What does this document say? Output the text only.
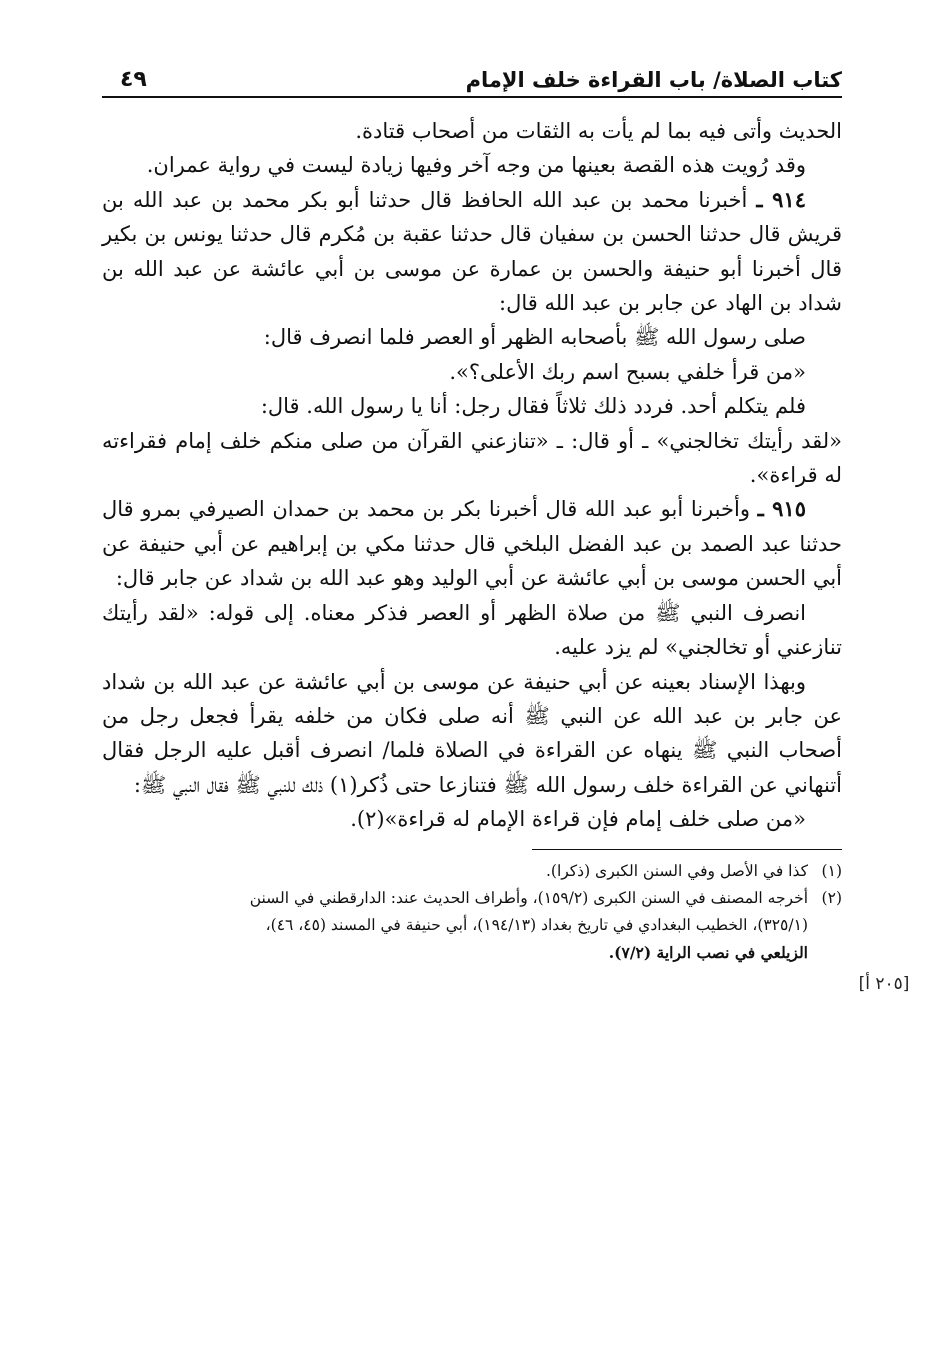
كتاب الصلاة/ باب القراءة خلف الإمام
٤٩

الحديث وأتى فيه بما لم يأت به الثقات من أصحاب قتادة.

وقد رُويت هذه القصة بعينها من وجه آخر وفيها زيادة ليست في رواية عمران.

٩١٤ ـ أخبرنا محمد بن عبد الله الحافظ قال حدثنا أبو بكر محمد بن عبد الله بن قريش قال حدثنا الحسن بن سفيان قال حدثنا عقبة بن مُكرم قال حدثنا يونس بن بكير قال أخبرنا أبو حنيفة والحسن بن عمارة عن موسى بن أبي عائشة عن عبد الله بن شداد بن الهاد عن جابر بن عبد الله قال:

صلى رسول الله ﷺ بأصحابه الظهر أو العصر فلما انصرف قال:

«من قرأ خلفي بسبح اسم ربك الأعلى؟».

فلم يتكلم أحد. فردد ذلك ثلاثاً فقال رجل: أنا يا رسول الله. قال:

«لقد رأيتك تخالجني» ـ أو قال: ـ «تنازعني القرآن من صلى منكم خلف إمام فقراءته له قراءة».

٩١٥ ـ وأخبرنا أبو عبد الله قال أخبرنا بكر بن محمد بن حمدان الصيرفي بمرو قال حدثنا عبد الصمد بن عبد الفضل البلخي قال حدثنا مكي بن إبراهيم عن أبي حنيفة عن أبي الحسن موسى بن أبي عائشة عن أبي الوليد وهو عبد الله بن شداد عن جابر قال:

انصرف النبي ﷺ من صلاة الظهر أو العصر فذكر معناه. إلى قوله: «لقد رأيتك تنازعني أو تخالجني» لم يزد عليه.

وبهذا الإسناد بعينه عن أبي حنيفة عن موسى بن أبي عائشة عن عبد الله بن شداد عن جابر بن عبد الله عن النبي ﷺ أنه صلى فكان من خلفه يقرأ فجعل رجل من أصحاب النبي ﷺ ينهاه عن القراءة في الصلاة فلما/ انصرف أقبل عليه الرجل فقال أتنهاني عن القراءة خلف رسول الله ﷺ فتنازعا حتى ذُكر(١) ذلك للنبي ﷺ فقال النبي ﷺ:

«من صلى خلف إمام فإن قراءة الإمام له قراءة»(٢).

[٢٠٥ أ]

(١)كذا في الأصل وفي السنن الكبرى (ذكرا).

(٢)أخرجه المصنف في السنن الكبرى (١٥٩/٢)، وأطراف الحديث عند: الدارقطني في السنن

(٣٢٥/١)، الخطيب البغدادي في تاريخ بغداد (١٩٤/١٣)، أبي حنيفة في المسند (٤٥، ٤٦)،

الزيلعي في نصب الراية (٧/٢).
